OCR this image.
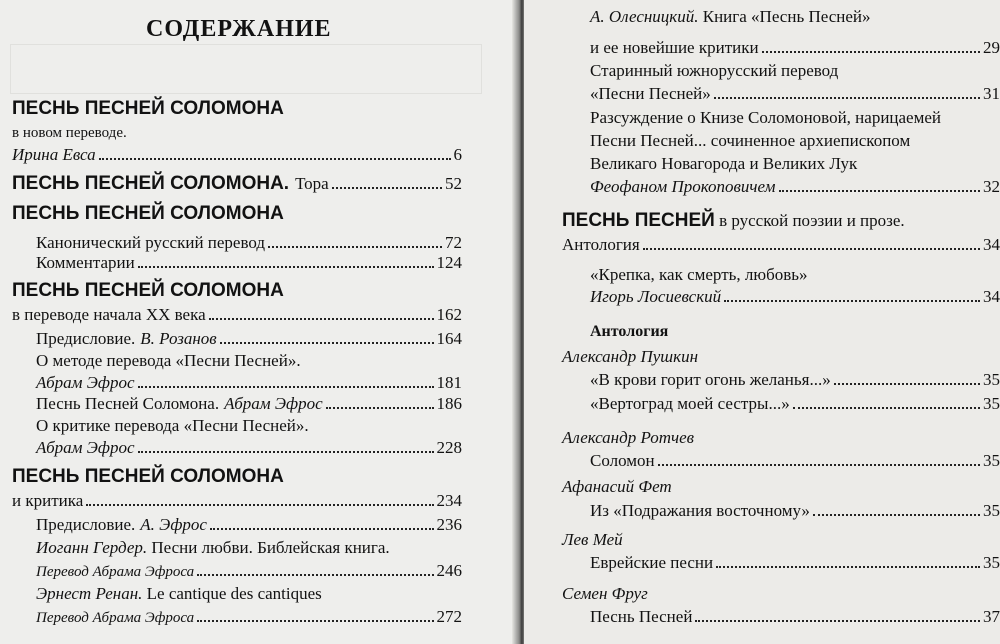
СОДЕРЖАНИЕ
ПЕСНЬ ПЕСНЕЙ СОЛОМОНА
в новом переводе.
Ирина Евса	6
ПЕСНЬ ПЕСНЕЙ СОЛОМОНА. Тора	52
ПЕСНЬ ПЕСНЕЙ СОЛОМОНА
Канонический русский перевод	72
Комментарии	124
ПЕСНЬ ПЕСНЕЙ СОЛОМОНА
в переводе начала XX века	162
Предисловие. В. Розанов	164
О методе перевода «Песни Песней».
Абрам Эфрос	181
Песнь Песней Соломона. Абрам Эфрос	186
О критике перевода «Песни Песней».
Абрам Эфрос	228
ПЕСНЬ ПЕСНЕЙ СОЛОМОНА
и критика	234
Предисловие. А. Эфрос	236
Иоганн Гердер. Песни любви. Библейская книга.
Перевод Абрама Эфроса	246
Эрнест Ренан. Le cantique des cantiques
Перевод Абрама Эфроса	272
А. Олесницкий. Книга «Песнь Песней»
и ее новейшие критики	29
Старинный южнорусский перевод
«Песни Песней»	31
Разсуждение о Книзе Соломоновой, нарицаемей
Песни Песней... сочиненное архиепископом
Великаго Новагорода и Великих Лук
Феофаном Прокоповичем	32
ПЕСНЬ ПЕСНЕЙ в русской поэзии и прозе.
Антология	34
«Крепка, как смерть, любовь»
Игорь Лосиевский	34
Антология
Александр Пушкин
«В крови горит огонь желанья...»	35
«Вертоград моей сестры...»	35
Александр Ротчев
Соломон	35
Афанасий Фет
Из «Подражания восточному»	35
Лев Мей
Еврейские песни	35
Семен Фруг
Песнь Песней	37
